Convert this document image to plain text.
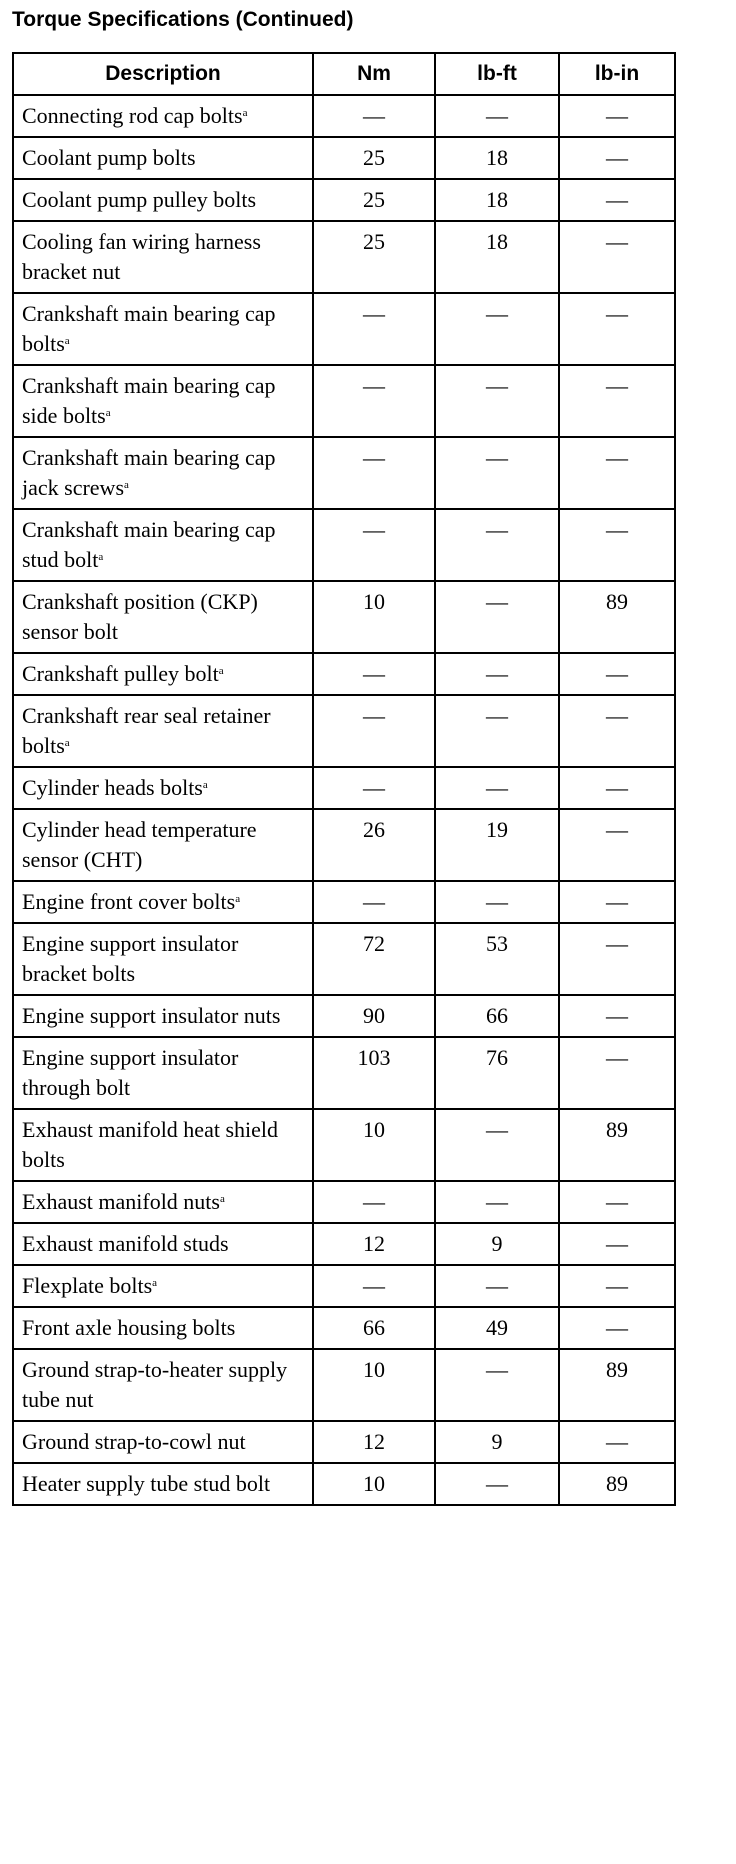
Torque Specifications (Continued)
Description	Nm	lb-ft	lb-in
Connecting rod cap bolts$^a$	—	—	—
Coolant pump bolts	25	18	—
Coolant pump pulley bolts	25	18	—
Cooling fan wiring harness bracket nut	25	18	—
Crankshaft main bearing cap bolts$^a$	—	—	—
Crankshaft main bearing cap side bolts$^a$	—	—	—
Crankshaft main bearing cap jack screws$^a$	—	—	—
Crankshaft main bearing cap stud bolt$^a$	—	—	—
Crankshaft position (CKP) sensor bolt	10	—	89
Crankshaft pulley bolt$^a$	—	—	—
Crankshaft rear seal retainer bolts$^a$	—	—	—
Cylinder heads bolts$^a$	—	—	—
Cylinder head temperature sensor (CHT)	26	19	—
Engine front cover bolts$^a$	—	—	—
Engine support insulator bracket bolts	72	53	—
Engine support insulator nuts	90	66	—
Engine support insulator through bolt	103	76	—
Exhaust manifold heat shield bolts	10	—	89
Exhaust manifold nuts$^a$	—	—	—
Exhaust manifold studs	12	9	—
Flexplate bolts$^a$	—	—	—
Front axle housing bolts	66	49	—
Ground strap-to-heater supply tube nut	10	—	89
Ground strap-to-cowl nut	12	9	—
Heater supply tube stud bolt	10	—	89
